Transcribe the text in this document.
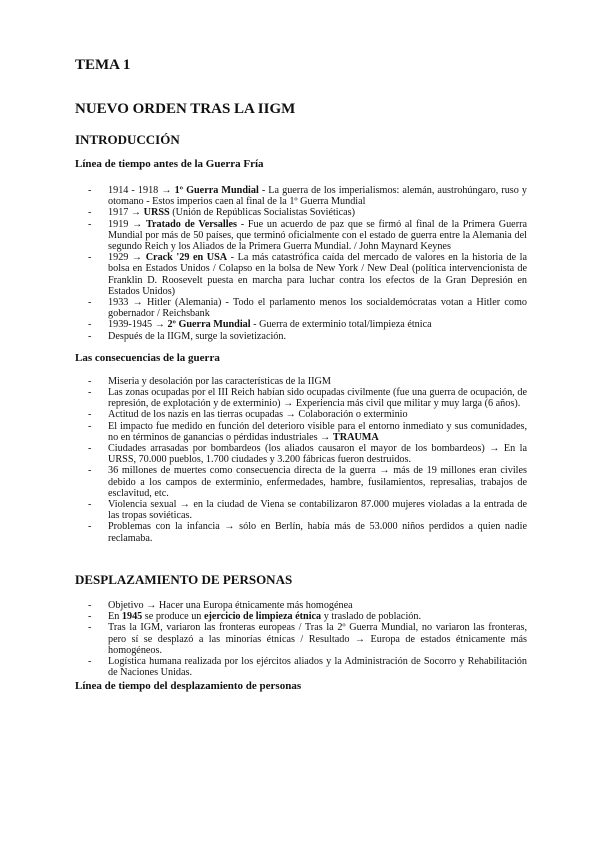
TEMA 1
NUEVO ORDEN TRAS LA IIGM
INTRODUCCIÓN
Línea de tiempo antes de la Guerra Fría
- 1914 - 1918 → 1º Guerra Mundial - La guerra de los imperialismos: alemán, austrohúngaro, ruso y otomano - Estos imperios caen al final de la 1º Guerra Mundial
- 1917 → URSS (Unión de Repúblicas Socialistas Soviéticas)
- 1919 → Tratado de Versalles - Fue un acuerdo de paz que se firmó al final de la Primera Guerra Mundial por más de 50 países, que terminó oficialmente con el estado de guerra entre la Alemania del segundo Reich y los Aliados de la Primera Guerra Mundial. / John Maynard Keynes
- 1929 → Crack '29 en USA - La más catastrófica caída del mercado de valores en la historia de la bolsa en Estados Unidos / Colapso en la bolsa de New York / New Deal (política intervencionista de Franklin D. Roosevelt puesta en marcha para luchar contra los efectos de la Gran Depresión en Estados Unidos)
- 1933 → Hitler (Alemania) - Todo el parlamento menos los socialdemócratas votan a Hitler como gobernador / Reichsbank
- 1939-1945 → 2º Guerra Mundial - Guerra de exterminio total/limpieza étnica
- Después de la IIGM, surge la sovietización.
Las consecuencias de la guerra
- Miseria y desolación por las características de la IIGM
- Las zonas ocupadas por el III Reich habían sido ocupadas civilmente (fue una guerra de ocupación, de represión, de explotación y de exterminio) → Experiencia más civil que militar y muy larga (6 años).
- Actitud de los nazis en las tierras ocupadas → Colaboración o exterminio
- El impacto fue medido en función del deterioro visible para el entorno inmediato y sus comunidades, no en términos de ganancias o pérdidas industriales → TRAUMA
- Ciudades arrasadas por bombardeos (los aliados causaron el mayor de los bombardeos) → En la URSS, 70.000 pueblos, 1.700 ciudades y 3.200 fábricas fueron destruidos.
- 36 millones de muertes como consecuencia directa de la guerra → más de 19 millones eran civiles debido a los campos de exterminio, enfermedades, hambre, fusilamientos, represalias, trabajos de esclavitud, etc.
- Violencia sexual → en la ciudad de Viena se contabilizaron 87.000 mujeres violadas a la entrada de las tropas soviéticas.
- Problemas con la infancia → sólo en Berlín, había más de 53.000 niños perdidos a quien nadie reclamaba.
DESPLAZAMIENTO DE PERSONAS
- Objetivo → Hacer una Europa étnicamente más homogénea
- En 1945 se produce un ejercicio de limpieza étnica y traslado de población.
- Tras la IGM, variaron las fronteras europeas / Tras la 2º Guerra Mundial, no variaron las fronteras, pero sí se desplazó a las minorías étnicas / Resultado → Europa de estados étnicamente más homogéneos.
- Logística humana realizada por los ejércitos aliados y la Administración de Socorro y Rehabilitación de Naciones Unidas.
Línea de tiempo del desplazamiento de personas
